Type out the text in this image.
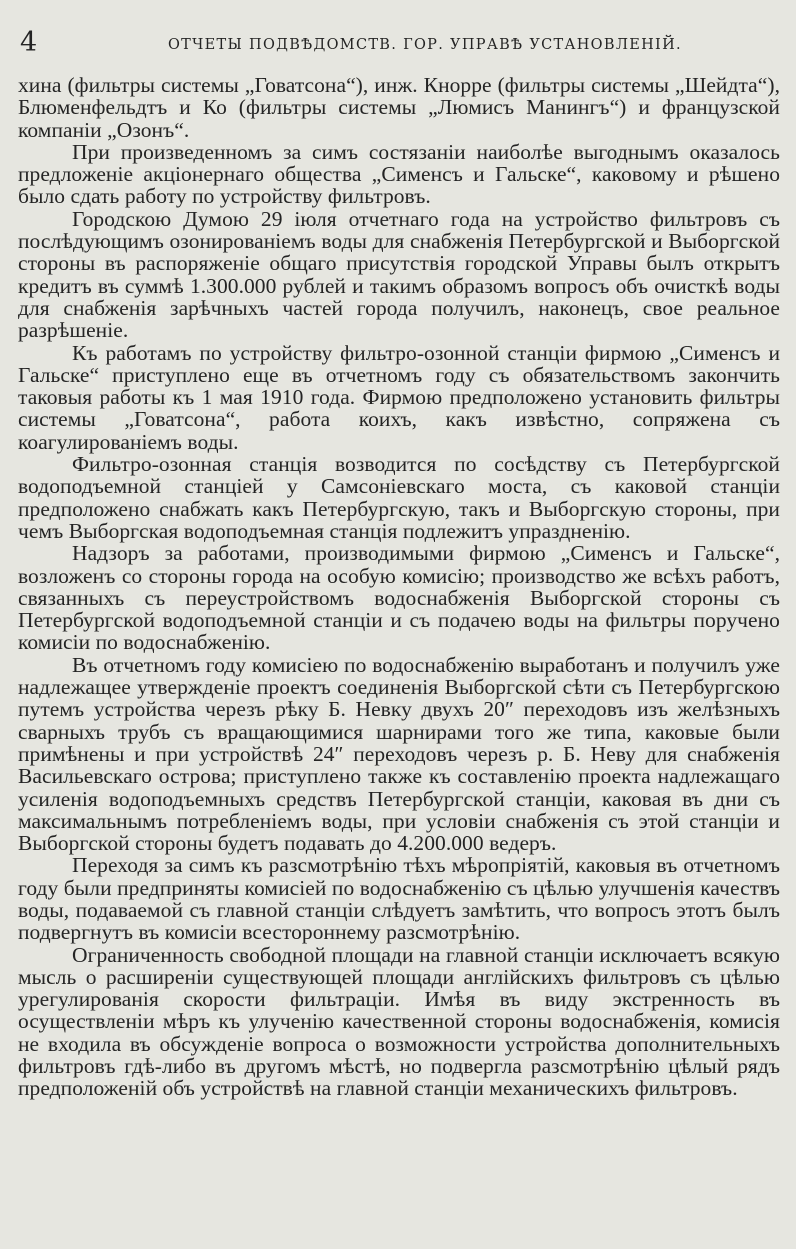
4	ОТЧЕТЫ ПОДВѢДОМСТВ. ГОР. УПРАВѢ УСТАНОВЛЕНІЙ.

хина (фильтры системы „Говатсона“), инж. Кнорре (фильтры системы „Шейдта“), Блюменфельдтъ и Ко (фильтры системы „Люмисъ Манингъ“) и французской компаніи „Озонъ“.

При произведенномъ за симъ состязаніи наиболѣе выгоднымъ оказалось предложеніе акціонернаго общества „Сименсъ и Гальске“, каковому и рѣшено было сдать работу по устройству фильтровъ.

Городскою Думою 29 іюля отчетнаго года на устройство фильтровъ съ послѣдующимъ озонированіемъ воды для снабженія Петербургской и Выборгской стороны въ распоряженіе общаго присутствія городской Управы былъ открытъ кредитъ въ суммѣ 1.300.000 рублей и такимъ образомъ вопросъ объ очисткѣ воды для снабженія зарѣчныхъ частей города получилъ, наконецъ, свое реальное разрѣшеніе.

Къ работамъ по устройству фильтро-озонной станціи фирмою „Сименсъ и Гальске“ приступлено еще въ отчетномъ году съ обязательствомъ закончить таковыя работы къ 1 мая 1910 года. Фирмою предположено установить фильтры системы „Говатсона“, работа коихъ, какъ извѣстно, сопряжена съ коагулированіемъ воды.

Фильтро-озонная станція возводится по сосѣдству съ Петербургской водоподъемной станціей у Самсоніевскаго моста, съ каковой станціи предположено снабжать какъ Петербургскую, такъ и Выборгскую стороны, при чемъ Выборгская водоподъемная станція подлежитъ упраздненію.

Надзоръ за работами, производимыми фирмою „Сименсъ и Гальске“, возложенъ со стороны города на особую комисію; производство же всѣхъ работъ, связанныхъ съ переустройствомъ водоснабженія Выборгской стороны съ Петербургской водоподъемной станціи и съ подачею воды на фильтры поручено комисіи по водоснабженію.

Въ отчетномъ году комисіею по водоснабженію выработанъ и получилъ уже надлежащее утвержденіе проектъ соединенія Выборгской сѣти съ Петербургскою путемъ устройства черезъ рѣку Б. Невку двухъ 20″ переходовъ изъ желѣзныхъ сварныхъ трубъ съ вращающимися шарнирами того же типа, каковые были примѣнены и при устройствѣ 24″ переходовъ черезъ р. Б. Неву для снабженія Васильевскаго острова; приступлено также къ составленію проекта надлежащаго усиленія водоподъемныхъ средствъ Петербургской станціи, каковая въ дни съ максимальнымъ потребленіемъ воды, при условіи снабженія съ этой станціи и Выборгской стороны будетъ подавать до 4.200.000 ведеръ.

Переходя за симъ къ разсмотрѣнію тѣхъ мѣропріятій, каковыя въ отчетномъ году были предприняты комисіей по водоснабженію съ цѣлью улучшенія качествъ воды, подаваемой съ главной станціи слѣдуетъ замѣтить, что вопросъ этотъ былъ подвергнутъ въ комисіи всестороннему разсмотрѣнію.

Ограниченность свободной площади на главной станціи исключаетъ всякую мысль о расширеніи существующей площади англійскихъ фильтровъ съ цѣлью урегулированія скорости фильтраціи. Имѣя въ виду экстренность въ осуществленіи мѣръ къ улученію качественной стороны водоснабженія, комисія не входила въ обсужденіе вопроса о возможности устройства дополнительныхъ фильтровъ гдѣ-либо въ другомъ мѣстѣ, но подвергла разсмотрѣнію цѣлый рядъ предположеній объ устройствѣ на главной станціи механическихъ фильтровъ.
